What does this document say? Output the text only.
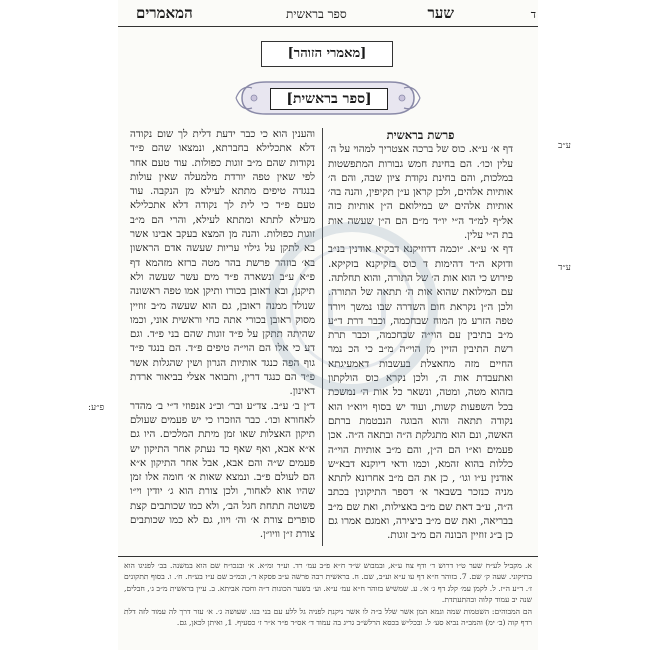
ד
שער
ספר בראשית
המאמרים
[מאמרי הזוהר]
[ספר בראשית]

פרשת בראשית

דף א׳ ע״א. כוס של ברכה אצטריך למהוי על ה׳ עלין וכו׳. הם בחינת חמש גבורות המתפשטות במלכות, והם בחינת נקודת ציון שבה, והם ה׳ אותיות אלהים, ולכן קראן ע״ן תקיפין, והנה בה׳ אותיות אלהים יש במילואם ה״ן אותיות כזה אל״ף למ״ד ה״י יו״ד מ״ם הם ה״ן שעשה אות בת ה״י עלין.

דף א׳ ע״א. ״וכמה דדוזיקנא דבקיא אודנין בנ״ב ודוקא ה״ד דהימות ד כוס בזקיקנא בזקיקא. פירוש כי הוא אות ה׳ של התורה, והוא תחלתה. עם המילואת שהוא אות ה׳ תתאה של התורה. ולכן ה״ן נקראת חום השדרה שבו נמשך ויורד טפה הזרע מן המוח שבחכמה, וכבר דרת ד״ע מ״ב בתיבין עם הוי״ה שבחכמה, וכבר תרת רשת התיבין הזיין מן הוי״ה מ״ב כי הכ נמר החיים מזה מחאצלת בעשבות דאמעיגתא ואתעבדת אות ה׳, ולכן נקרא כוס הולקתון בזהוא מטה, ומטה, ונשאר כל אות ה׳ נמשכת בכל השפעות קשות, ועוד יש בסוף ויוא״ו הוא נקודה תתאה והוא הבוגה הנבטמת ברתם האשה, ונם הוא מתגלקת ה״ה ובתאה ה״ה. אכן פעמים וא״ו הם ה״ן, והם מ״ב אותיות הוי״ה כללות בהוא זהמא, וכמו ודאי דיוקנא דבא״ש אודנין ע״ו וגו׳ , כן את הם מ״ב אחרונא לתתא מניה כנזכר בשבאר א׳ דספר התיקונין בכתב ה״ה, ע״ב דאת שם מ״ב באצילות, ואת שם מ״ב בבריאה, ואת שם מ״ב ביצירה, ואמגם אמרו גם כן ב״ג זוזיין הבונה הם מ״ב זוגות.

והענין הוא כי כבר ידעת דלית לך שום נקודה דלא אתכלילא בחברתא, ונמצאו שהם פ״ד נקודות שהם מ״ב זוגות כפולות. עוד טעם אחר לפי שאין טפה יורדת מלמעלה שאין עולות בנגדה טיפים מתתא לעילא מן הנקבה. עוד טעם פ״ד כי לית לך נקודה דלא אתכלילא מעילא לתתא ומתתא לעילא, והרי הם מ״ב זוגות כפולות. והנה מן המצא בעקב אבינו אשר בא לתקן על גילוי עריות שעשה אדם הראשון בא׳ בוזהר פרשת בהר מטה ברזא מזהמא דף פ״א ע״ב ונשארה פ״ד מים עשר שעשה ולא תיקנן, ובא ראובן בכורו ותיקן אמו טפה ראשונה שנולד ממנה ראובן, גם הוא שעשה מ״ב זוזיין מסוק ראובן בכורי אתה כחי וראשית אוני, וכמו שהיתה תתקן על פ״ד זוגות שהם בני פ״ד. וגם דע כי אלו הם הוי״ה טיפים פ״ד. הם בנגד פ״ד גוף הפה כנגד אותיות הגרון ושין שהגלות אשר פ״ד הם כנגד דרין, ותבואר אצלי בביאור ארדת דאינון.

ד״ן ב׳ ע״ב. צד״ע ובר׳ וב״נ אנפוזי ד״י ב׳ מהדר לאחורא וכו׳. כבר הוזכרו כי יש פעמים שעולם תיקון האצלות שאו זמן מיתת המלכים. היו גם א״א אבא, ואף שאף כד נעתק אחר התיקון יש פעמים ש״ה והם אבא, אבל אחר התיקון א״א הם לעולם פ״ב. ונמצא שאות א׳ חומה אלו זמן שהיו אוא לאחור, ולכן צורת הוא ג׳ יודין וי״ו פשוטה תתחת חגל הב׳, ולא כמו שכותבים קצת סופרים צורת א׳ וה׳ ויוו, גם לא כמו שכותבים צורת ז״ן וויו״ן.

א. מקביל לע״ח שער ט״ו דרוש ד׳ ודף צח ע״א, ובמבוש ש״ד ח״א פ״ב עמ׳ רד. וע״ד ומ״א. א׳ ובנכו״ח שם הוא במשנה. בב׳ לפניגו הוא בתיקוני. שעה ק׳ שם. 7. בזוהר ח״א דף עו ע״א וע״ב, שם. ח. בראשית רבה פרשה ע״ב פסקא ד׳, ובמ״ב שם ע״ז בע״ח. ח׳. ו. בסוף תתקונים ז׳. ד״ע ה״ז. ל. לקמן עמ׳ קלג דף ג׳ א׳. ע. שמשיש בזוהר ח״א עמ׳ ע״א. וע׳ בשער הכונות ד״ה וחכה אביתא. ב. עיין בראשית מ״ב ג׳, חבלים, שנה יב עמוד קלוה ובהתעתדת.

הם המבוהים: השטמות שמה וגמא המן אשר שלל ב״ה לו אשר ניקנת לפניה גל ללע עם בני בנו. שעושה ג׳. א׳ עזר דרך לה עמוד לזה דלת רדף קוה (ב׳ ימ) והמב״ה נביא סע׳ ל. ובכל״ש בכסא הרלש״ב גריג בה עמוד ד׳ אס״ד פ״ד א״ר ז׳ כסעיף. 1, ואיתן לכאן, גם.

ע״ב
ע״ד
פ״ע:
